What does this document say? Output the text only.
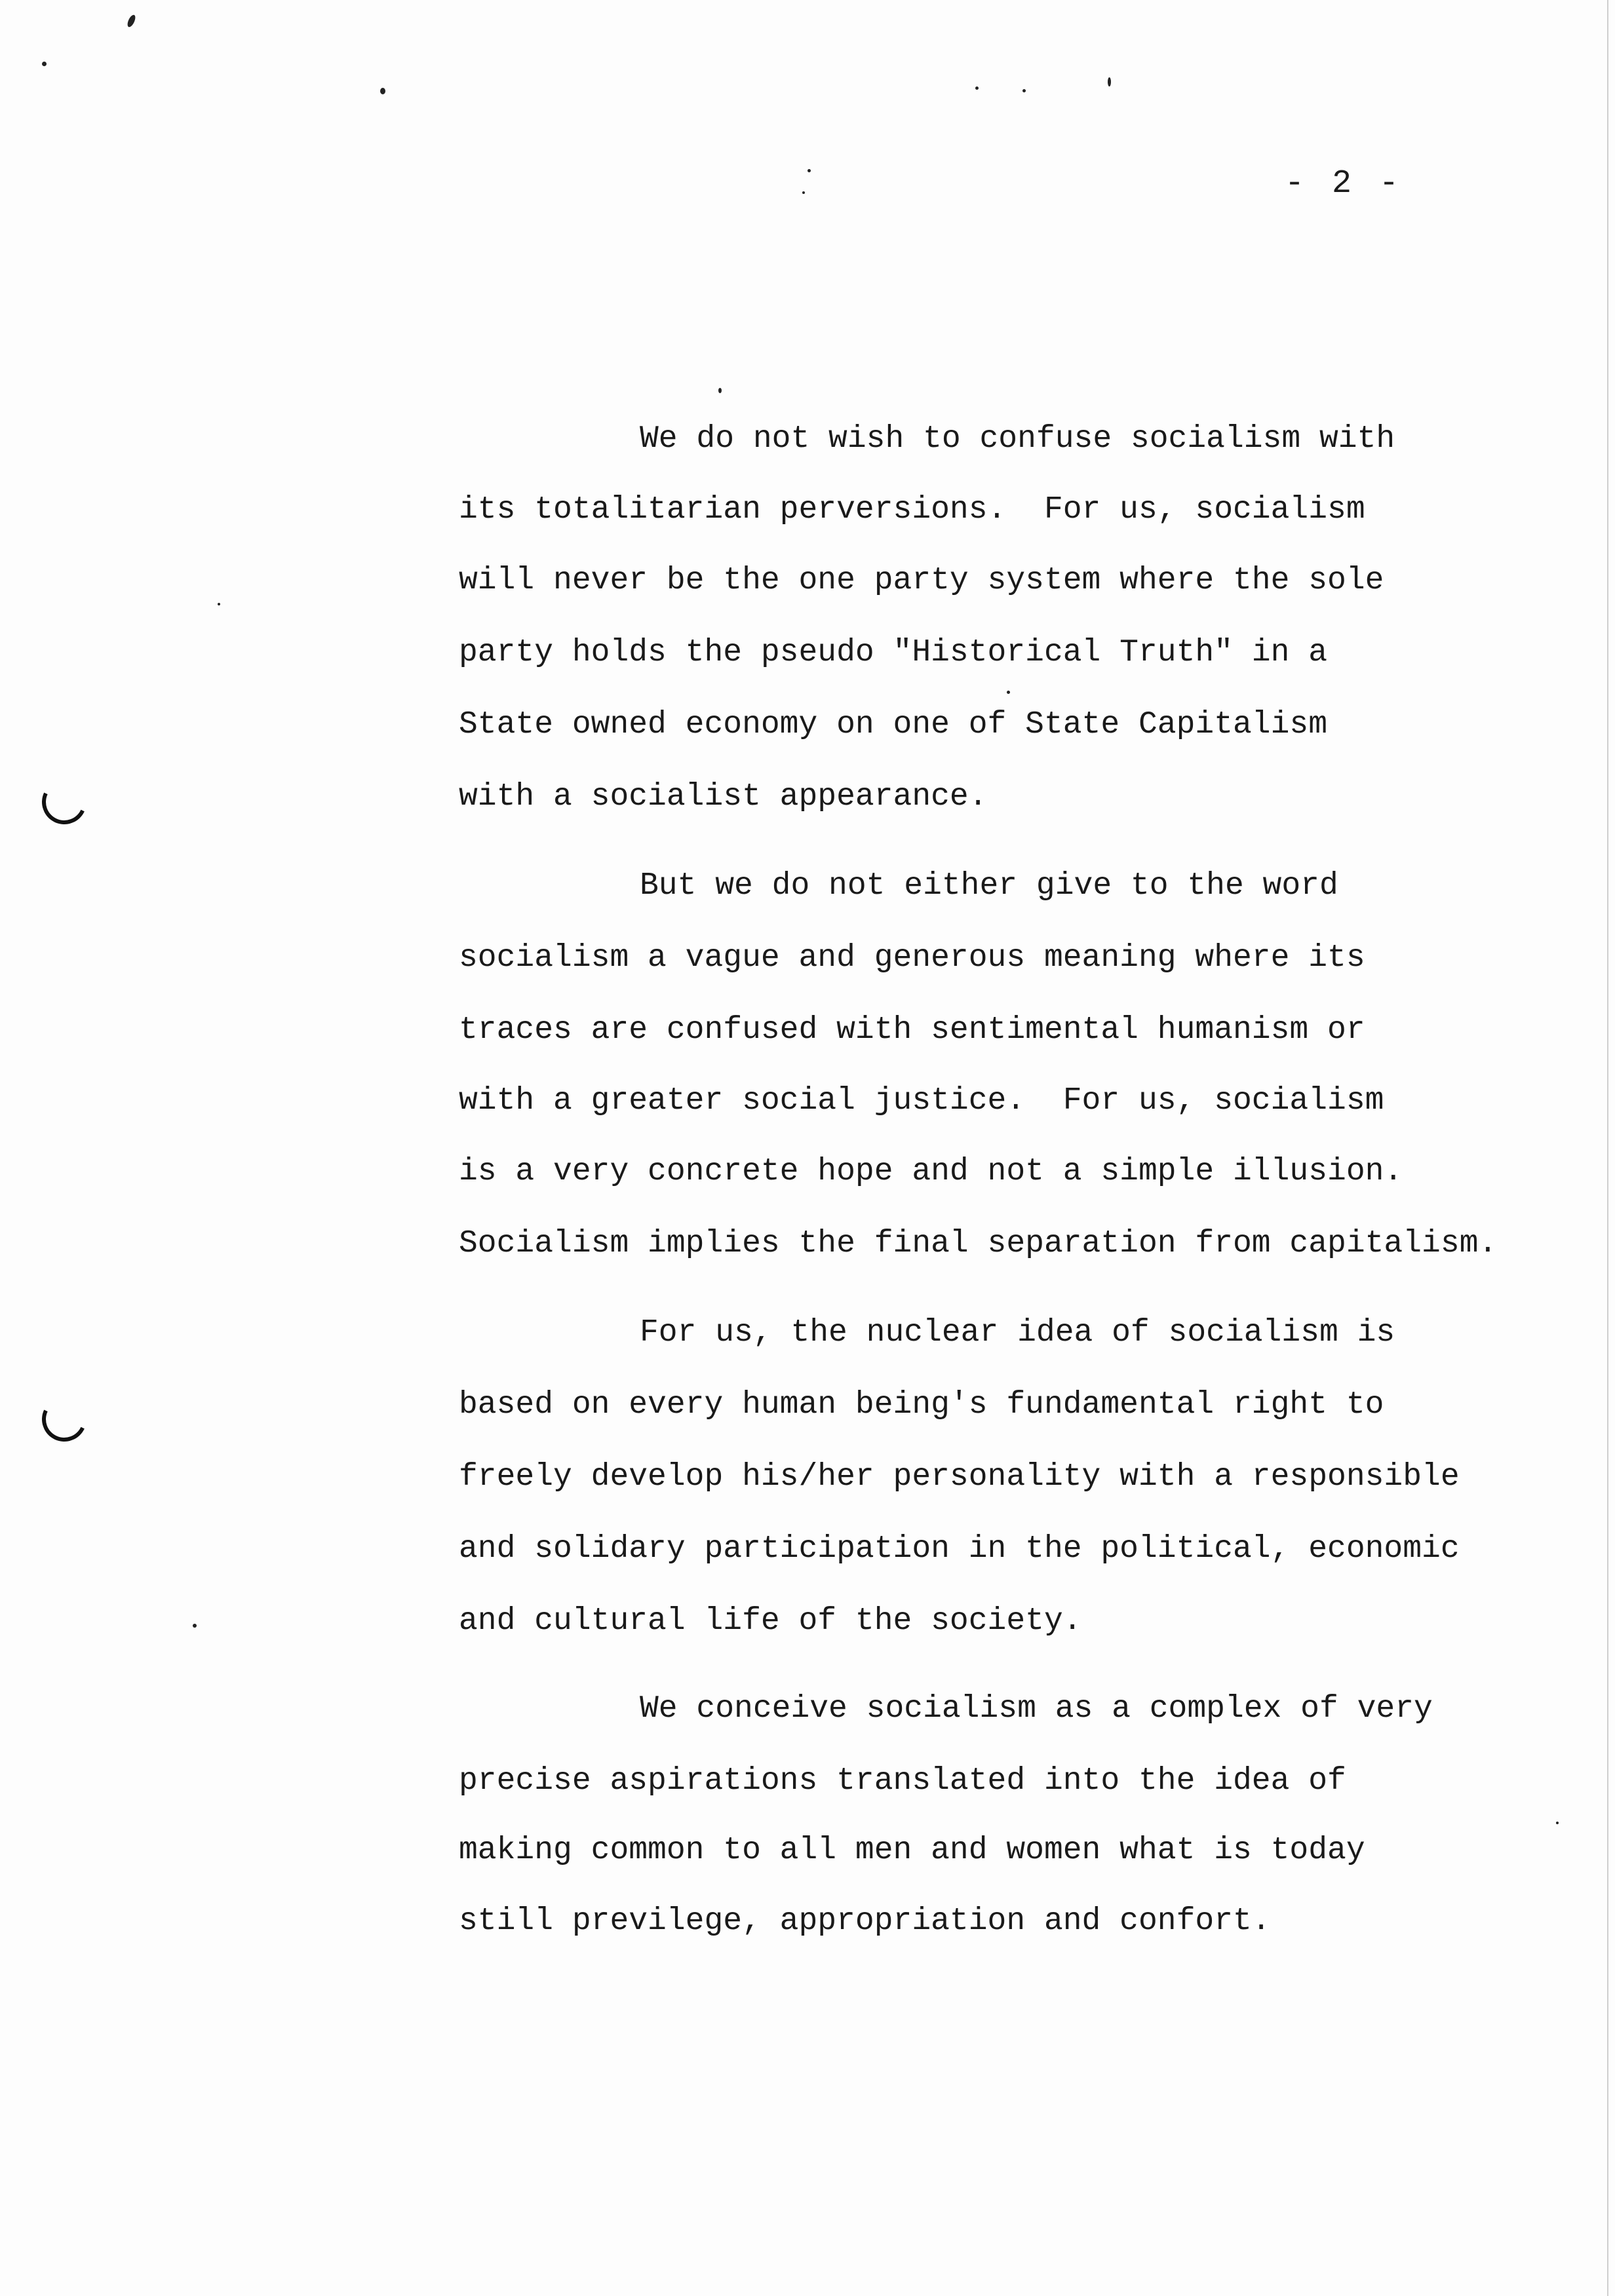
- 2 -
We do not wish to confuse socialism with
its totalitarian perversions.  For us, socialism
will never be the one party system where the sole
party holds the pseudo "Historical Truth" in a
State owned economy on one of State Capitalism
with a socialist appearance.
But we do not either give to the word
socialism a vague and generous meaning where its
traces are confused with sentimental humanism or
with a greater social justice.  For us, socialism
is a very concrete hope and not a simple illusion.
Socialism implies the final separation from capitalism.
For us, the nuclear idea of socialism is
based on every human being's fundamental right to
freely develop his/her personality with a responsible
and solidary participation in the political, economic
and cultural life of the society.
We conceive socialism as a complex of very
precise aspirations translated into the idea of
making common to all men and women what is today
still previlege, appropriation and confort.
